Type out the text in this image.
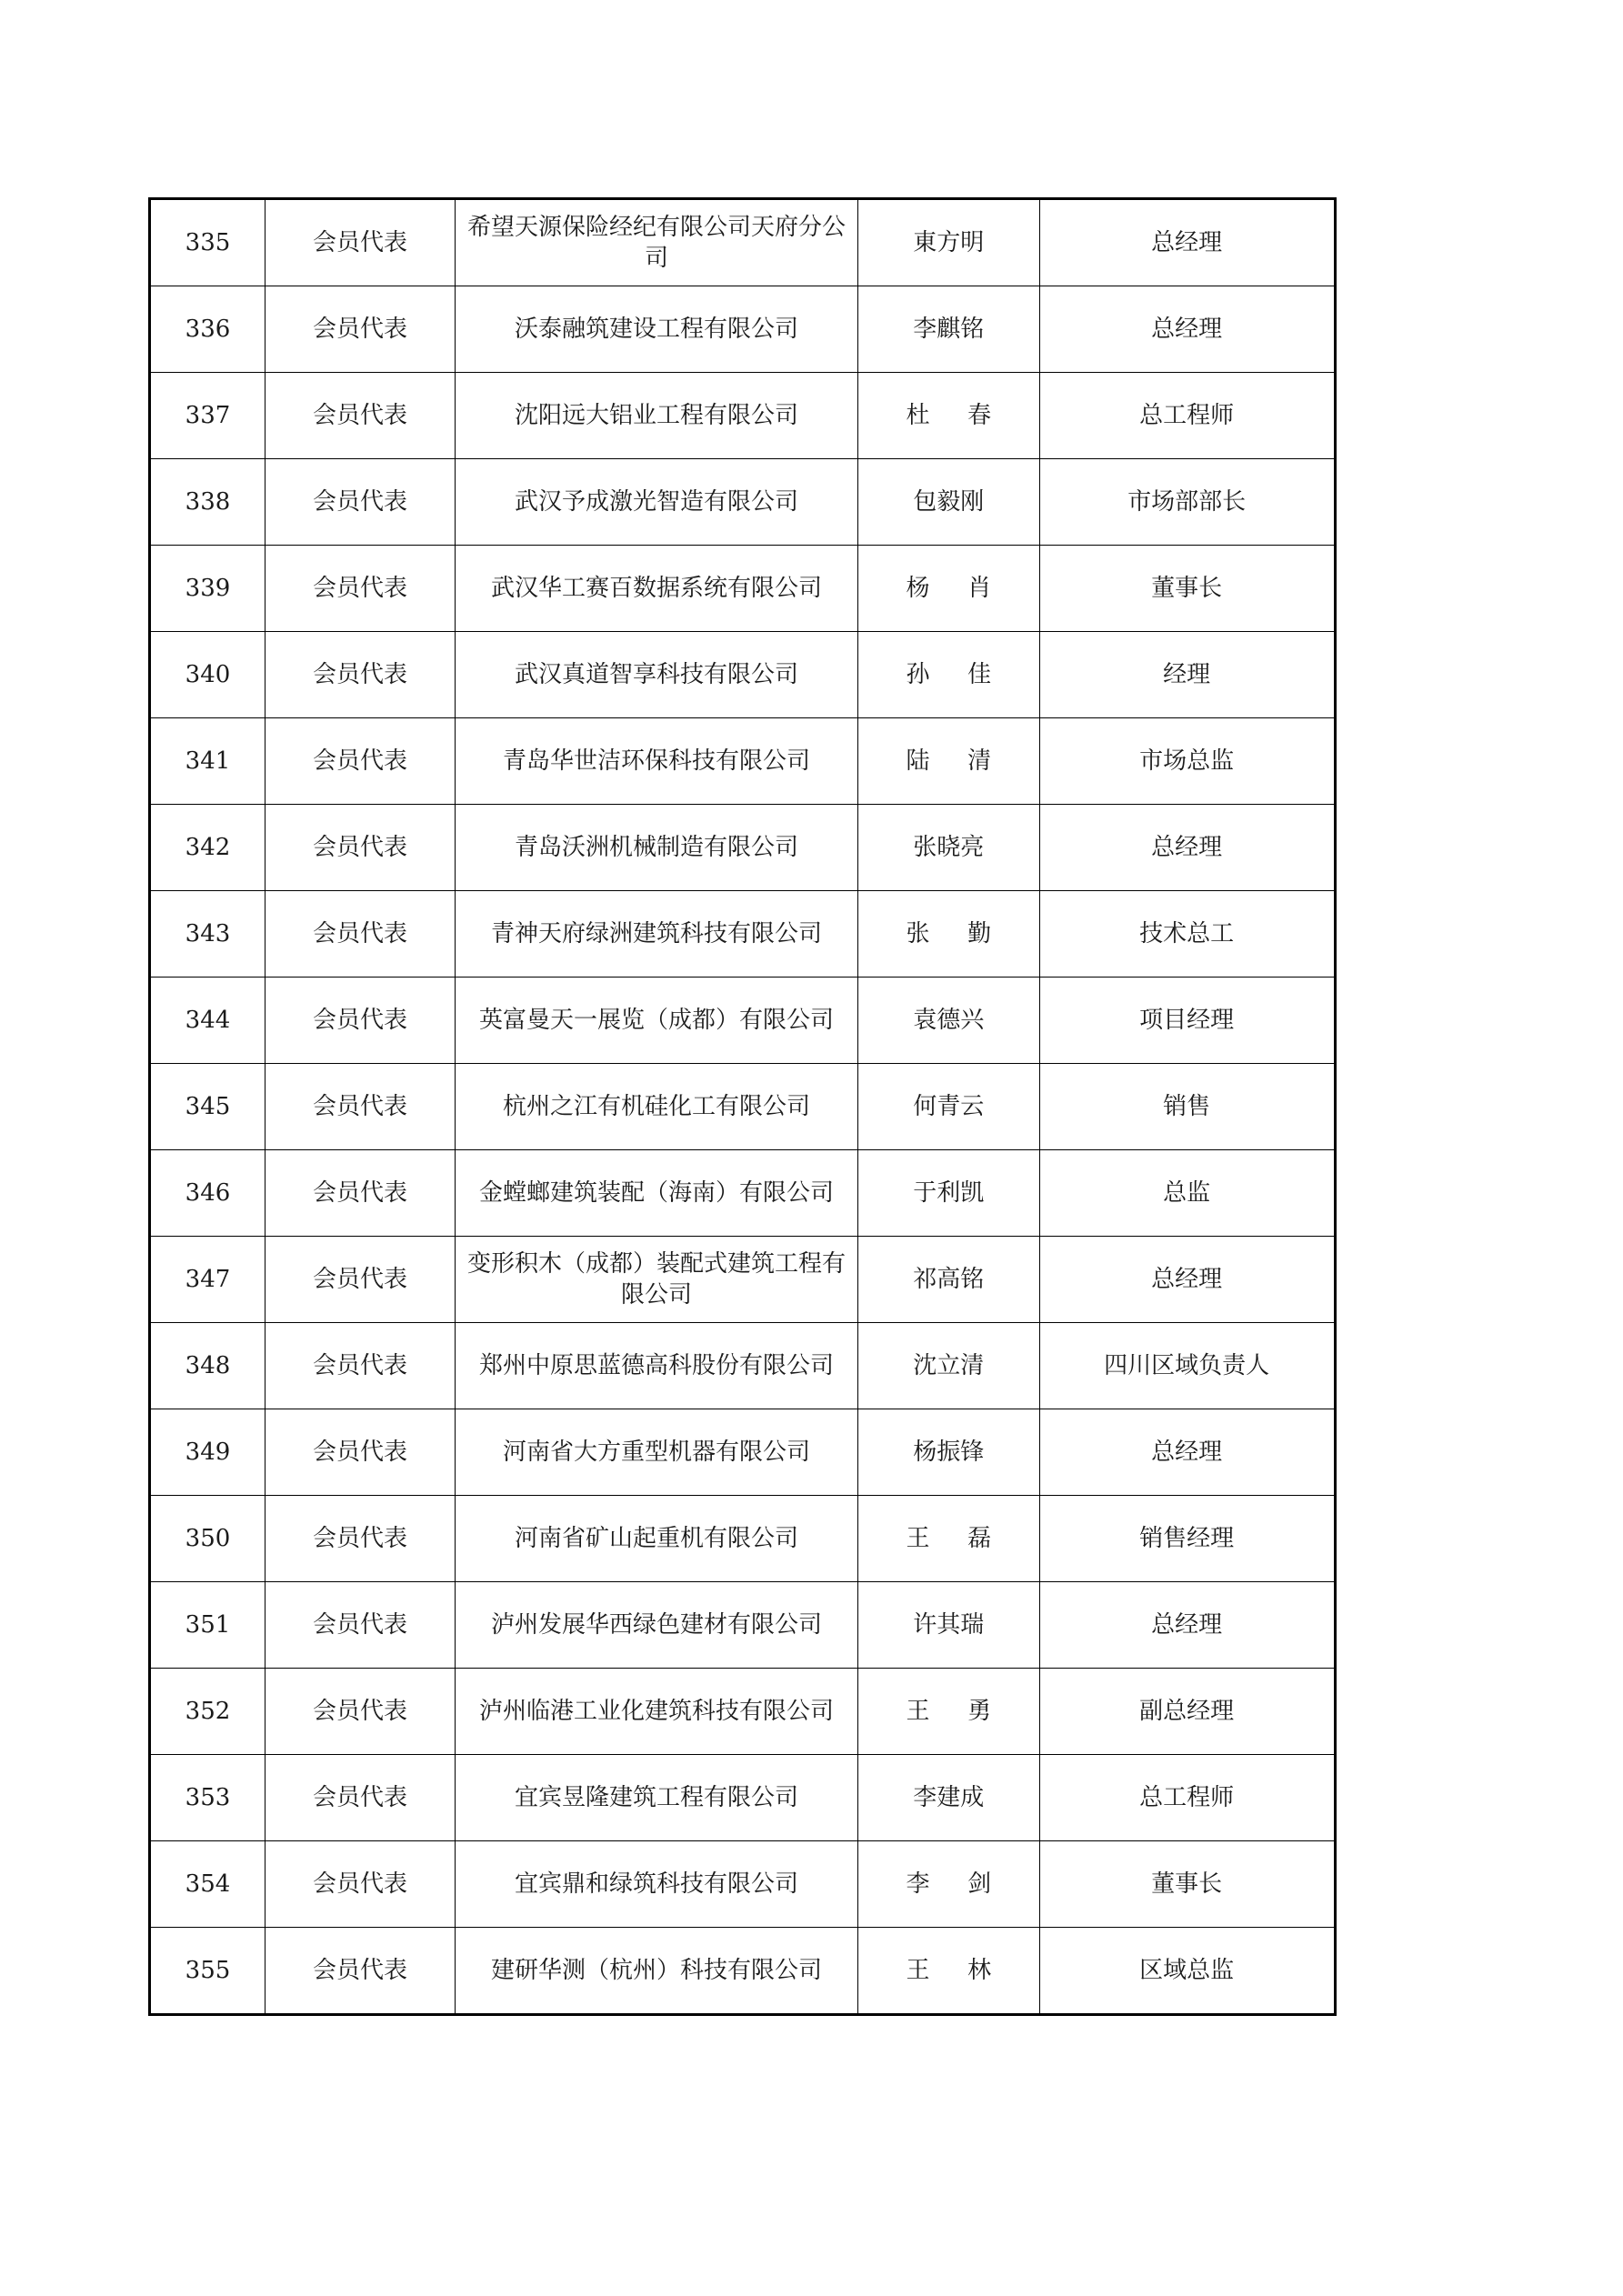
335	会员代表	希望天源保险经纪有限公司天府分公司	東方明	总经理
336	会员代表	沃泰融筑建设工程有限公司	李麒铭	总经理
337	会员代表	沈阳远大铝业工程有限公司	杜春	总工程师
338	会员代表	武汉予成激光智造有限公司	包毅刚	市场部部长
339	会员代表	武汉华工赛百数据系统有限公司	杨肖	董事长
340	会员代表	武汉真道智享科技有限公司	孙佳	经理
341	会员代表	青岛华世洁环保科技有限公司	陆清	市场总监
342	会员代表	青岛沃洲机械制造有限公司	张晓亮	总经理
343	会员代表	青神天府绿洲建筑科技有限公司	张勤	技术总工
344	会员代表	英富曼天一展览（成都）有限公司	袁德兴	项目经理
345	会员代表	杭州之江有机硅化工有限公司	何青云	销售
346	会员代表	金螳螂建筑装配（海南）有限公司	于利凯	总监
347	会员代表	变形积木（成都）装配式建筑工程有限公司	祁高铭	总经理
348	会员代表	郑州中原思蓝德高科股份有限公司	沈立清	四川区域负责人
349	会员代表	河南省大方重型机器有限公司	杨振锋	总经理
350	会员代表	河南省矿山起重机有限公司	王磊	销售经理
351	会员代表	泸州发展华西绿色建材有限公司	许其瑞	总经理
352	会员代表	泸州临港工业化建筑科技有限公司	王勇	副总经理
353	会员代表	宜宾昱隆建筑工程有限公司	李建成	总工程师
354	会员代表	宜宾鼎和绿筑科技有限公司	李剑	董事长
355	会员代表	建研华测（杭州）科技有限公司	王林	区域总监
